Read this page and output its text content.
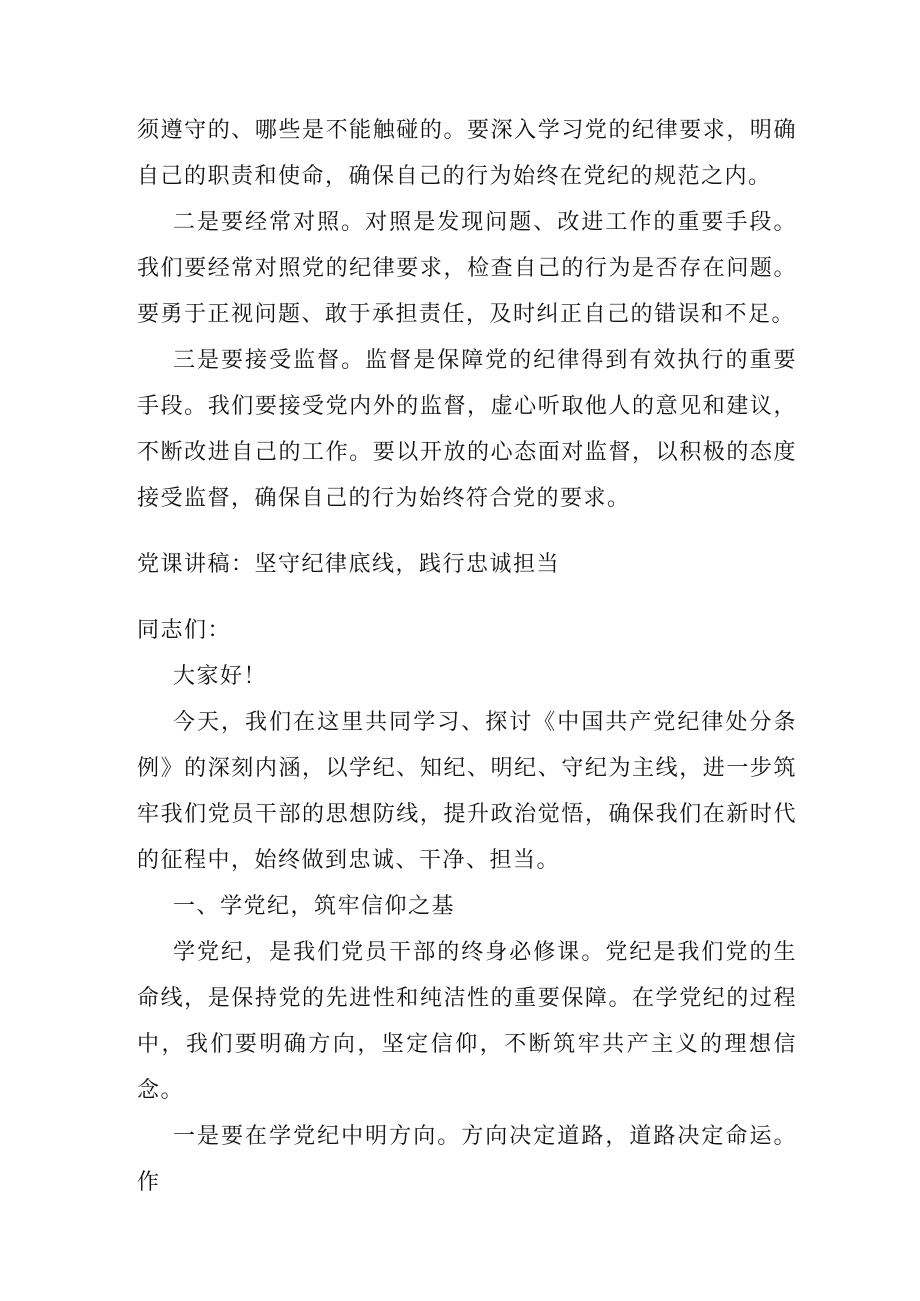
须遵守的、哪些是不能触碰的。要深入学习党的纪律要求，明确自己的职责和使命，确保自己的行为始终在党纪的规范之内。

二是要经常对照。对照是发现问题、改进工作的重要手段。我们要经常对照党的纪律要求，检查自己的行为是否存在问题。要勇于正视问题、敢于承担责任，及时纠正自己的错误和不足。

三是要接受监督。监督是保障党的纪律得到有效执行的重要手段。我们要接受党内外的监督，虚心听取他人的意见和建议，不断改进自己的工作。要以开放的心态面对监督，以积极的态度接受监督，确保自己的行为始终符合党的要求。

党课讲稿：坚守纪律底线，践行忠诚担当

同志们：

大家好！

今天，我们在这里共同学习、探讨《中国共产党纪律处分条例》的深刻内涵，以学纪、知纪、明纪、守纪为主线，进一步筑牢我们党员干部的思想防线，提升政治觉悟，确保我们在新时代的征程中，始终做到忠诚、干净、担当。

一、学党纪，筑牢信仰之基

学党纪，是我们党员干部的终身必修课。党纪是我们党的生命线，是保持党的先进性和纯洁性的重要保障。在学党纪的过程中，我们要明确方向，坚定信仰，不断筑牢共产主义的理想信念。

一是要在学党纪中明方向。方向决定道路，道路决定命运。作
